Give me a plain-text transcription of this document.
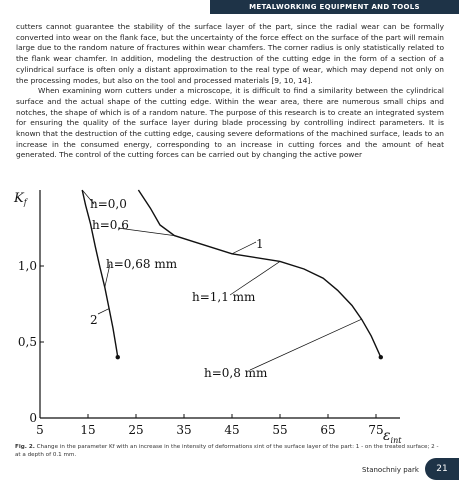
METALWORKING EQUIPMENT AND TOOLS

cutters cannot guarantee the stability of the surface layer of the part, since the radial wear can be formally converted into wear on the flank face, but the uncertainty of the force effect on the surface of the part will remain large due to the random nature of fractures within wear chamfers. The corner radius is only statistically related to the flank wear chamfer. In addition, modeling the destruction of the cutting edge in the form of a section of a cylindrical surface is often only a distant approximation to the real type of wear, which may depend not only on the processing modes, but also on the tool and processed materials [9, 10, 14].

When examining worn cutters under a microscope, it is difficult to find a similarity between the cylindrical surface and the actual shape of the cutting edge. Within the wear area, there are numerous small chips and notches, the shape of which is of a random nature. The purpose of this research is to create an integrated system for ensuring the quality of the surface layer during blade processing by controlling indirect parameters. It is known that the destruction of the cutting edge, causing severe deformations of the machined surface, leads to an increase in the consumed energy, corresponding to an increase in cutting forces and the amount of heat generated. The control of the cutting forces can be carried out by changing the active power

5	15	25	35	45	55	65	75
0
0,5
1,0
h=0,0
h=0,6
h=0,68 mm
h=1,1 mm
h=0,8 mm
1
2
$K_f$
$\varepsilon_{int}$
Fig. 2. Change in the parameter Kf with an increase in the intensity of deformations εint of the surface layer of the part: 1 - on the treated surface; 2 - at a depth of 0.1 mm.
Stanochniy park 21
